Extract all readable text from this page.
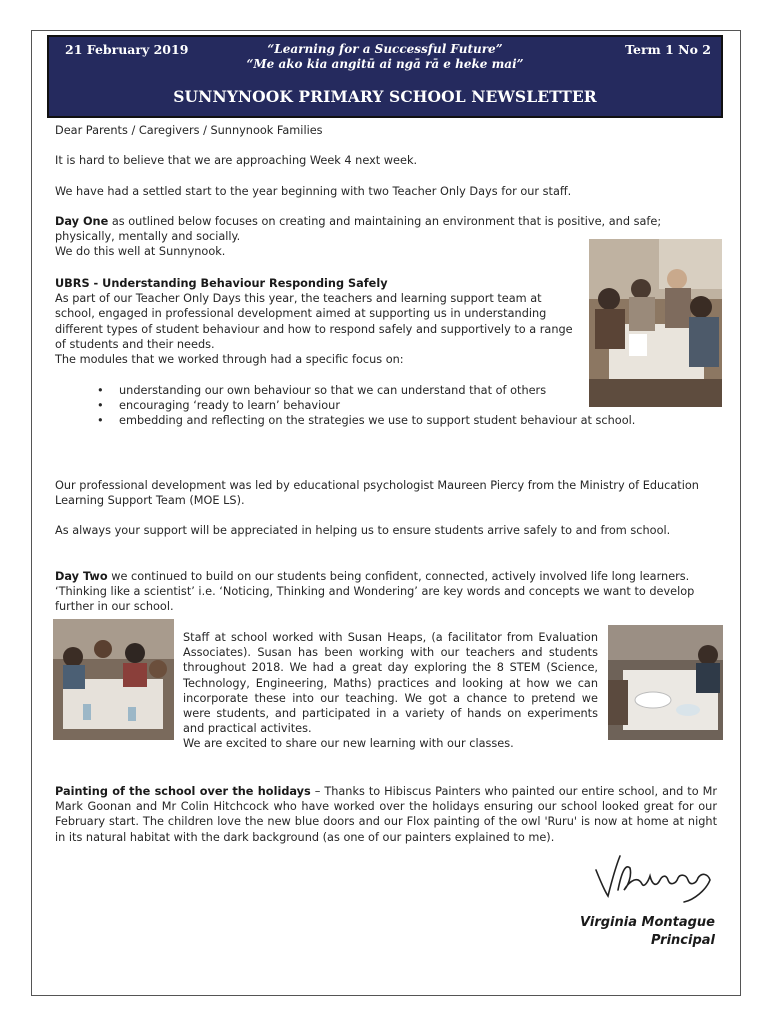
21 February 2019	“Learning for a Successful Future”
“Me ako kia angitū ai ngā rā e heke mai”
Term 1 No 2
SUNNYNOOK PRIMARY SCHOOL NEWSLETTER
Dear Parents / Caregivers / Sunnynook Families
It is hard to believe that we are approaching Week 4 next week.
We have had a settled start to the year beginning with two Teacher Only Days for our staff.
Day One as outlined below focuses on creating and maintaining an environment that is positive, and safe; physically, mentally and socially.
We do this well at Sunnynook.
UBRS - Understanding Behaviour Responding Safely
As part of our Teacher Only Days this year, the teachers and learning support team at school, engaged in professional development aimed at supporting us in understanding different types of student behaviour and how to respond safely and supportively to a range of students and their needs.
The modules that we worked through had a specific focus on:
• understanding our own behaviour so that we can understand that of others
• encouraging ‘ready to learn’ behaviour
• embedding and reflecting on the strategies we use to support student behaviour at school.
Our professional development was led by educational psychologist Maureen Piercy from the Ministry of Education Learning Support Team (MOE LS).
As always your support will be appreciated in helping us to ensure students arrive safely to and from school.
Day Two we continued to build on our students being confident, connected, actively involved life long learners. ‘Thinking like a scientist’ i.e. ‘Noticing, Thinking and Wondering’ are key words and concepts we want to develop further in our school.
Staff at school worked with Susan Heaps, (a facilitator from Evaluation Associates). Susan has been working with our teachers and students throughout 2018. We had a great day exploring the 8 STEM (Science, Technology, Engineering, Maths) practices and looking at how we can incorporate these into our teaching. We got a chance to pretend we were students, and participated in a variety of hands on experiments and practical activites.
We are excited to share our new learning with our classes.
Painting of the school over the holidays – Thanks to Hibiscus Painters who painted our entire school, and to Mr Mark Goonan and Mr Colin Hitchcock who have worked over the holidays ensuring our school looked great for our February start. The children love the new blue doors and our Flox painting of the owl 'Ruru' is now at home at night in its natural habitat with the dark background (as one of our painters explained to me).
Virginia Montague
Principal
